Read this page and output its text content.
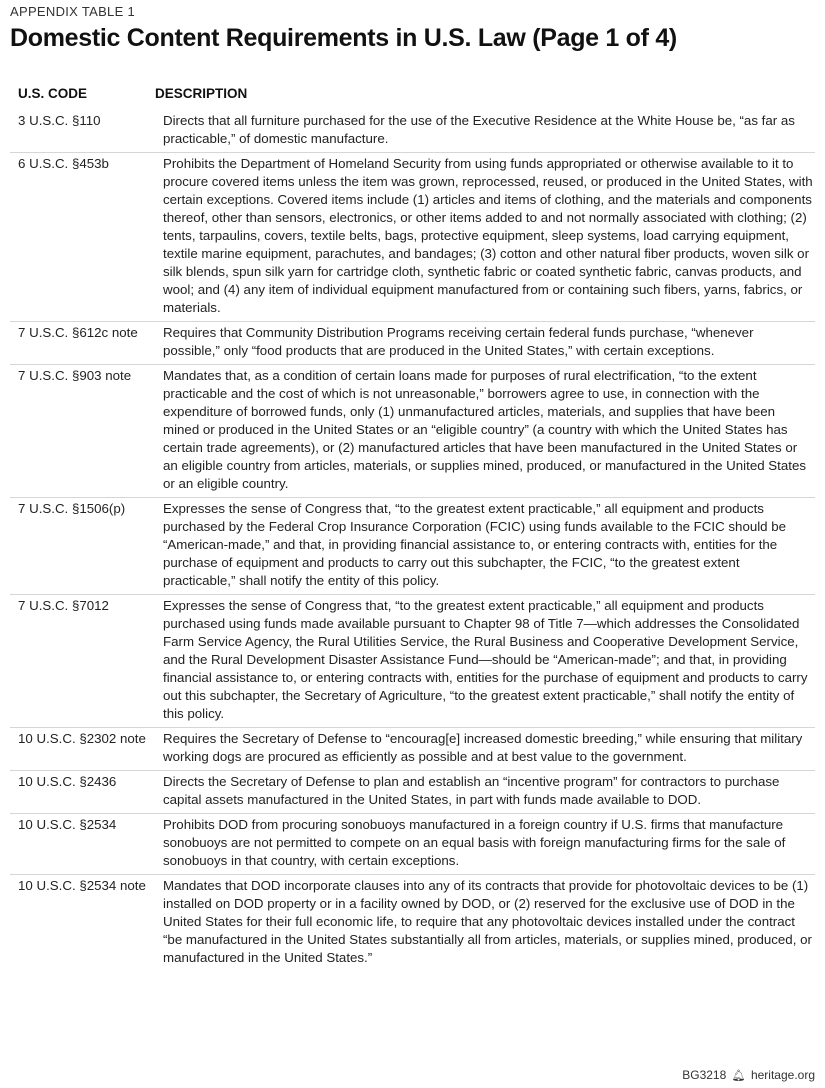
APPENDIX TABLE 1
Domestic Content Requirements in U.S. Law (Page 1 of 4)
U.S. CODE	DESCRIPTION
3 U.S.C. §110	Directs that all furniture purchased for the use of the Executive Residence at the White House be, “as far as practicable,” of domestic manufacture.
6 U.S.C. §453b	Prohibits the Department of Homeland Security from using funds appropriated or otherwise available to it to procure covered items unless the item was grown, reprocessed, reused, or produced in the United States, with certain exceptions. Covered items include (1) articles and items of clothing, and the materials and components thereof, other than sensors, electronics, or other items added to and not normally associated with clothing; (2) tents, tarpaulins, covers, textile belts, bags, protective equipment, sleep systems, load carrying equipment, textile marine equipment, parachutes, and bandages; (3) cotton and other natural fiber products, woven silk or silk blends, spun silk yarn for cartridge cloth, synthetic fabric or coated synthetic fabric, canvas products, and wool; and (4) any item of individual equipment manufactured from or containing such fibers, yarns, fabrics, or materials.
7 U.S.C. §612c note	Requires that Community Distribution Programs receiving certain federal funds purchase, “whenever possible,” only “food products that are produced in the United States,” with certain exceptions.
7 U.S.C. §903 note	Mandates that, as a condition of certain loans made for purposes of rural electrification, “to the extent practicable and the cost of which is not unreasonable,” borrowers agree to use, in connection with the expenditure of borrowed funds, only (1) unmanufactured articles, materials, and supplies that have been mined or produced in the United States or an “eligible country” (a country with which the United States has certain trade agreements), or (2) manufactured articles that have been manufactured in the United States or an eligible country from articles, materials, or supplies mined, produced, or manufactured in the United States or an eligible country.
7 U.S.C. §1506(p)	Expresses the sense of Congress that, “to the greatest extent practicable,” all equipment and products purchased by the Federal Crop Insurance Corporation (FCIC) using funds available to the FCIC should be “American-made,” and that, in providing financial assistance to, or entering contracts with, entities for the purchase of equipment and products to carry out this subchapter, the FCIC, “to the greatest extent practicable,” shall notify the entity of this policy.
7 U.S.C. §7012	Expresses the sense of Congress that, “to the greatest extent practicable,” all equipment and products purchased using funds made available pursuant to Chapter 98 of Title 7—which addresses the Consolidated Farm Service Agency, the Rural Utilities Service, the Rural Business and Cooperative Development Service, and the Rural Development Disaster Assistance Fund—should be “American-made”; and that, in providing financial assistance to, or entering contracts with, entities for the purchase of equipment and products to carry out this subchapter, the Secretary of Agriculture, “to the greatest extent practicable,” shall notify the entity of this policy.
10 U.S.C. §2302 note	Requires the Secretary of Defense to “encourag[e] increased domestic breeding,” while ensuring that military working dogs are procured as efficiently as possible and at best value to the government.
10 U.S.C. §2436	Directs the Secretary of Defense to plan and establish an “incentive program” for contractors to purchase capital assets manufactured in the United States, in part with funds made available to DOD.
10 U.S.C. §2534	Prohibits DOD from procuring sonobuoys manufactured in a foreign country if U.S. firms that manufacture sonobuoys are not permitted to compete on an equal basis with foreign manufacturing firms for the sale of sonobuoys in that country, with certain exceptions.
10 U.S.C. §2534 note	Mandates that DOD incorporate clauses into any of its contracts that provide for photovoltaic devices to be (1) installed on DOD property or in a facility owned by DOD, or (2) reserved for the exclusive use of DOD in the United States for their full economic life, to require that any photovoltaic devices installed under the contract “be manufactured in the United States substantially all from articles, materials, or supplies mined, produced, or manufactured in the United States.”
BG3218 🔔︎ heritage.org
